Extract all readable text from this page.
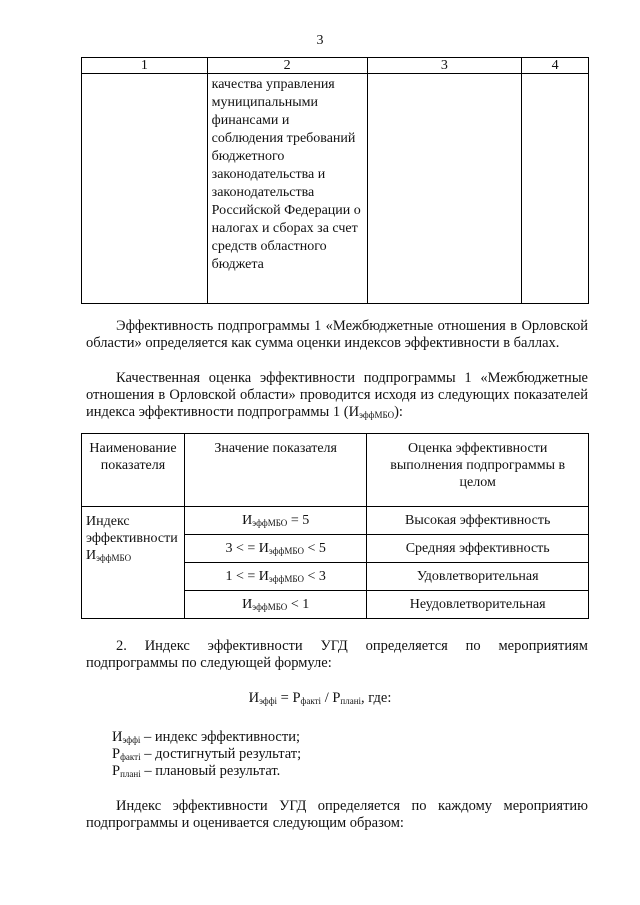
3
1	2	3	4
	качества управления муниципальными финансами и соблюдения требований бюджетного законодательства и законодательства Российской Федерации о налогах и сборах за счет средств областного бюджета		

Эффективность подпрограммы 1 «Межбюджетные отношения в Орловской области» определяется как сумма оценки индексов эффективности в баллах.

Качественная оценка эффективности подпрограммы 1 «Межбюджетные отношения в Орловской области» проводится исходя из следующих показателей индекса эффективности подпрограммы 1 $(И_{эффМБО})$:

Наименование показателя	Значение показателя	Оценка эффективности выполнения подпрограммы в целом
Индекс эффективности $И_{эффМБО}$	$И_{эффМБО} = 5$	Высокая эффективность
	3 < = $И_{эффМБО} < 5$	Средняя эффективность
	1 < = $И_{эффМБО} < 3$	Удовлетворительная
	$И_{эффМБО} < 1$	Неудовлетворительная

2. Индекс эффективности УГД определяется по мероприятиям подпрограммы по следующей формуле:

$И_{эффi} = Р_{фактi} / Р_{планi}$, где:
$И_{эффi}$ – индекс эффективности;
$Р_{фактi}$ – достигнутый результат;
$Р_{планi}$ – плановый результат.

Индекс эффективности УГД определяется по каждому мероприятию подпрограммы и оценивается следующим образом:
